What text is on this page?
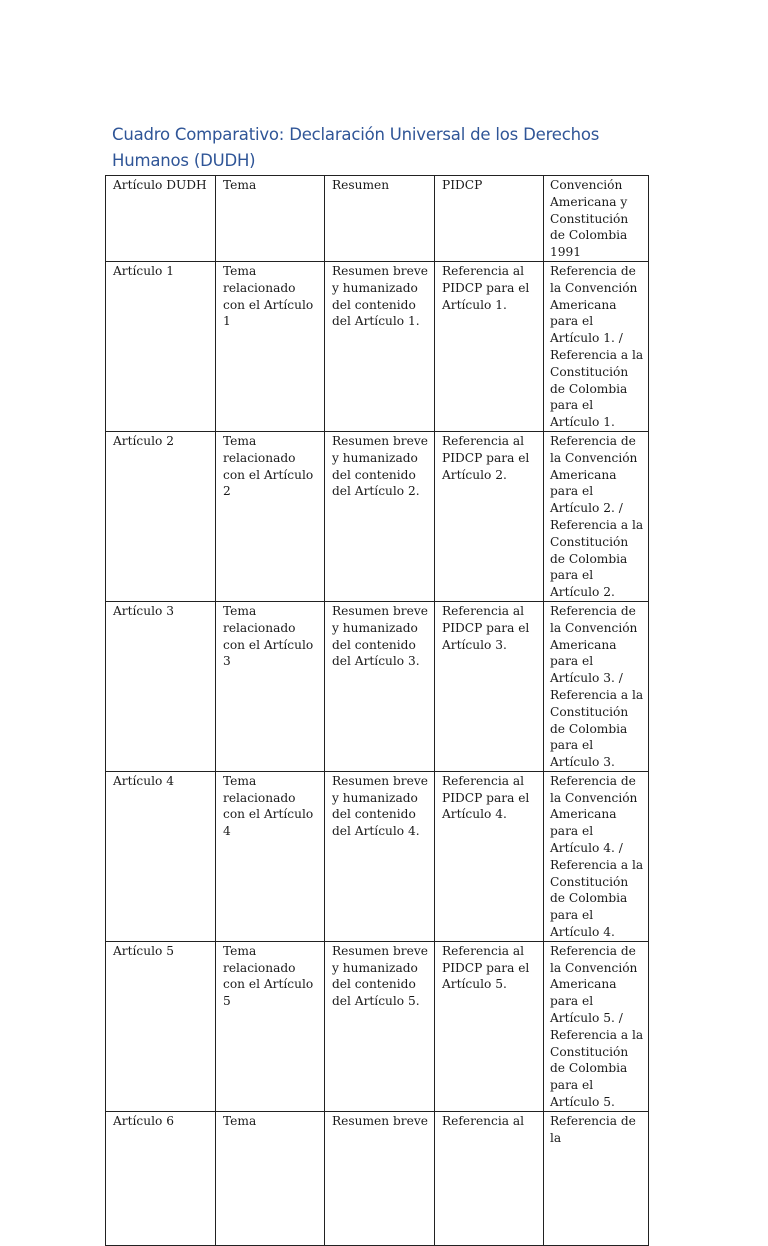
Cuadro Comparativo: Declaración Universal de los Derechos Humanos (DUDH)
Artículo DUDH	Tema	Resumen	PIDCP	Convención Americana y Constitución de Colombia 1991
Artículo 1	Tema relacionado con el Artículo 1	Resumen breve y humanizado del contenido del Artículo 1.	Referencia al PIDCP para el Artículo 1.	Referencia de la Convención Americana para el Artículo 1. / Referencia a la Constitución de Colombia para el Artículo 1.
Artículo 2	Tema relacionado con el Artículo 2	Resumen breve y humanizado del contenido del Artículo 2.	Referencia al PIDCP para el Artículo 2.	Referencia de la Convención Americana para el Artículo 2. / Referencia a la Constitución de Colombia para el Artículo 2.
Artículo 3	Tema relacionado con el Artículo 3	Resumen breve y humanizado del contenido del Artículo 3.	Referencia al PIDCP para el Artículo 3.	Referencia de la Convención Americana para el Artículo 3. / Referencia a la Constitución de Colombia para el Artículo 3.
Artículo 4	Tema relacionado con el Artículo 4	Resumen breve y humanizado del contenido del Artículo 4.	Referencia al PIDCP para el Artículo 4.	Referencia de la Convención Americana para el Artículo 4. / Referencia a la Constitución de Colombia para el Artículo 4.
Artículo 5	Tema relacionado con el Artículo 5	Resumen breve y humanizado del contenido del Artículo 5.	Referencia al PIDCP para el Artículo 5.	Referencia de la Convención Americana para el Artículo 5. / Referencia a la Constitución de Colombia para el Artículo 5.
Artículo 6	Tema	Resumen breve	Referencia al	Referencia de la
